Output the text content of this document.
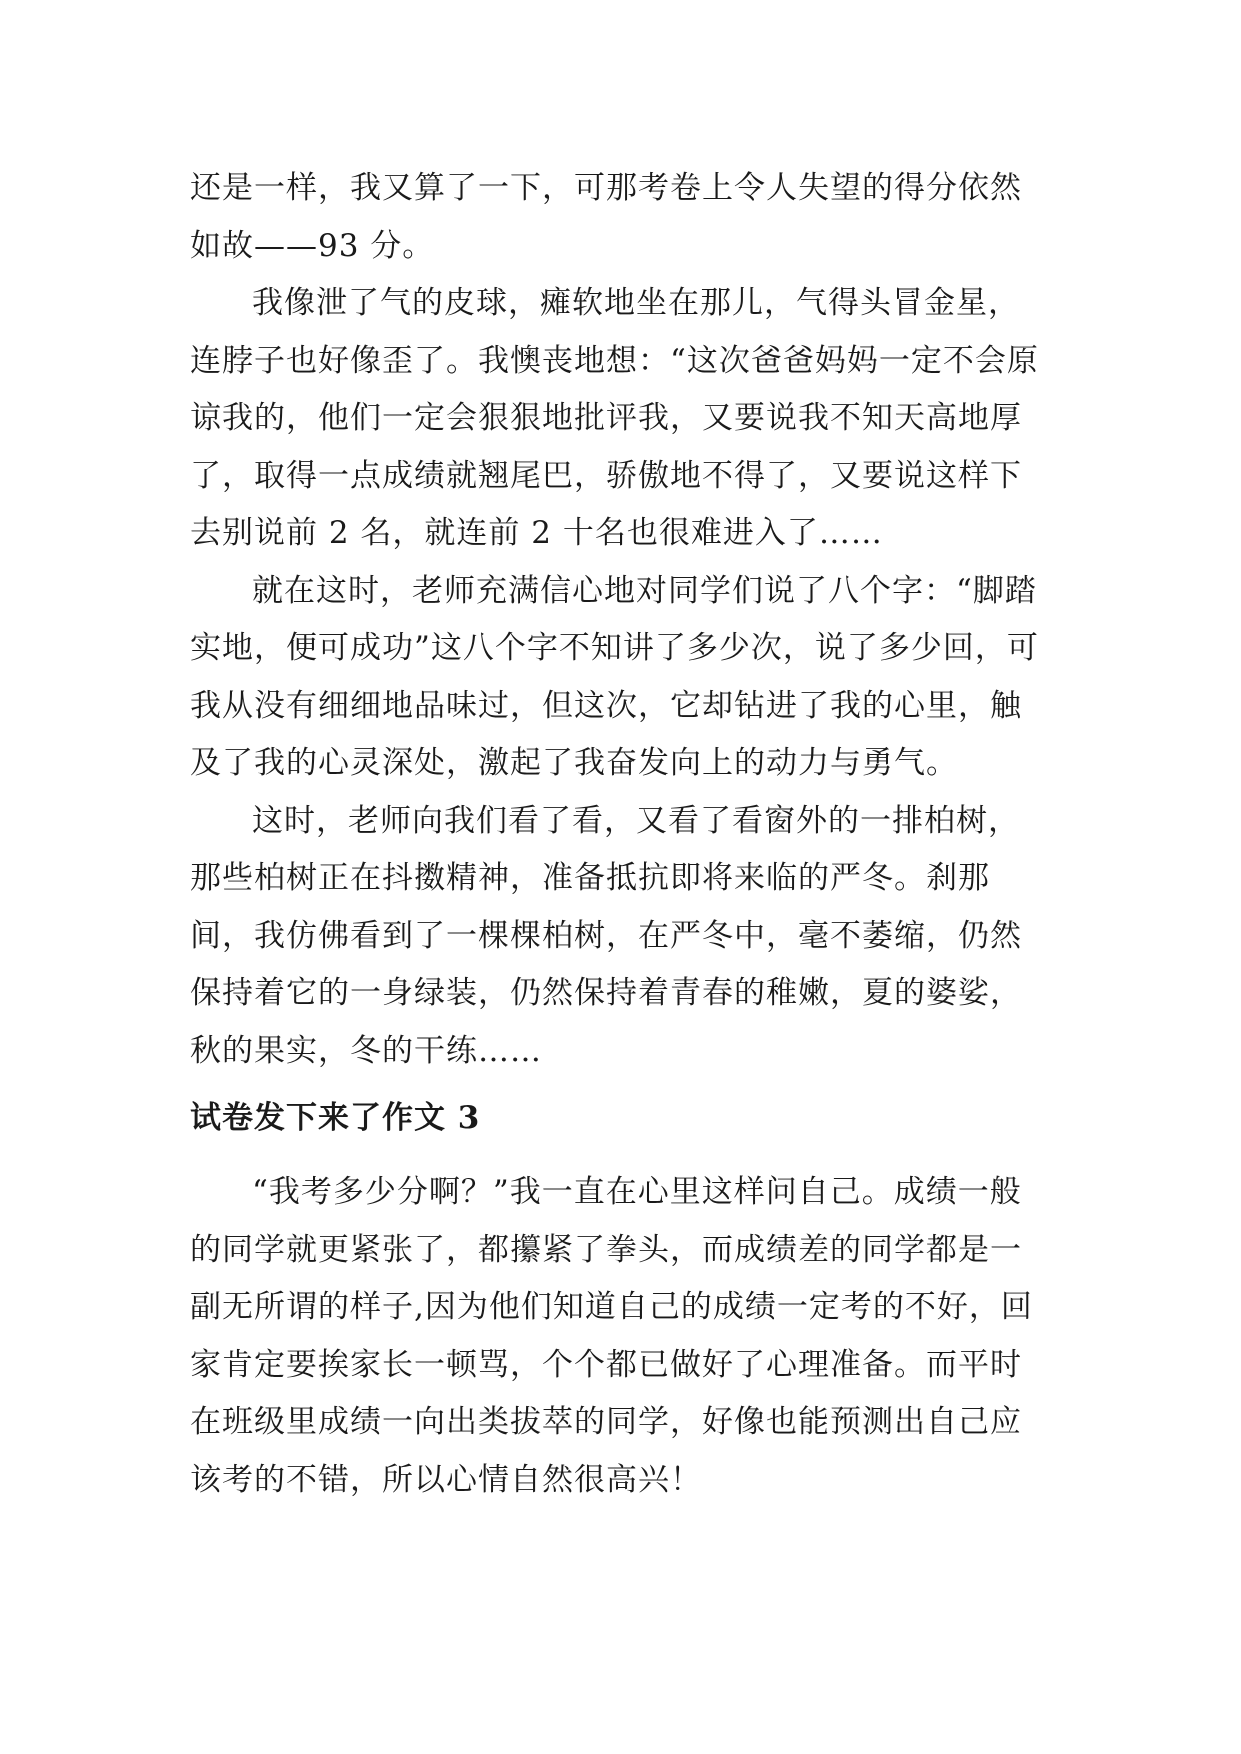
还是一样，我又算了一下，可那考卷上令人失望的得分依然如故——93 分。

我像泄了气的皮球，瘫软地坐在那儿，气得头冒金星，连脖子也好像歪了。我懊丧地想：“这次爸爸妈妈一定不会原谅我的，他们一定会狠狠地批评我，又要说我不知天高地厚了，取得一点成绩就翘尾巴，骄傲地不得了，又要说这样下去别说前 2 名，就连前 2 十名也很难进入了……

就在这时，老师充满信心地对同学们说了八个字：“脚踏实地，便可成功”这八个字不知讲了多少次，说了多少回，可我从没有细细地品味过，但这次，它却钻进了我的心里，触及了我的心灵深处，激起了我奋发向上的动力与勇气。

这时，老师向我们看了看，又看了看窗外的一排柏树，那些柏树正在抖擞精神，准备抵抗即将来临的严冬。刹那间，我仿佛看到了一棵棵柏树，在严冬中，毫不萎缩，仍然保持着它的一身绿装，仍然保持着青春的稚嫩，夏的婆娑，秋的果实，冬的干练……

试卷发下来了作文 3

“我考多少分啊？”我一直在心里这样问自己。成绩一般的同学就更紧张了，都攥紧了拳头，而成绩差的同学都是一副无所谓的样子,因为他们知道自己的成绩一定考的不好，回家肯定要挨家长一顿骂，个个都已做好了心理准备。而平时在班级里成绩一向出类拔萃的同学，好像也能预测出自己应该考的不错，所以心情自然很高兴！
